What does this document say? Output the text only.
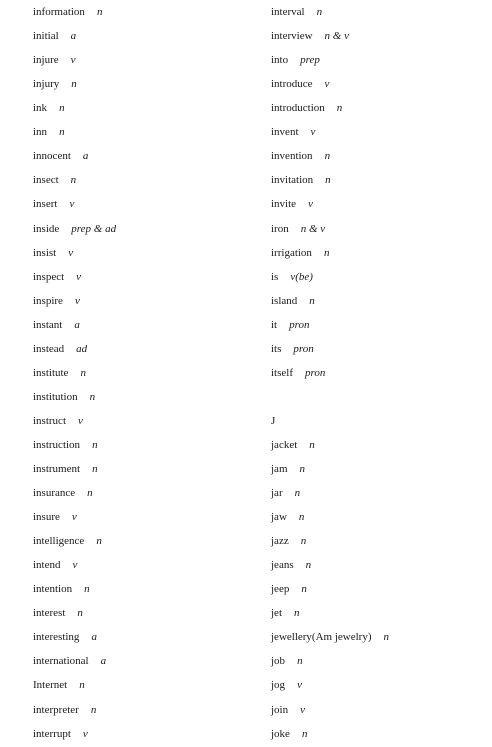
information n
initial a
injure v
injury n
ink n
inn n
innocent a
insect n
insert v
inside prep & ad
insist v
inspect v
inspire v
instant a
instead ad
institute n
institution n
instruct v
instruction n
instrument n
insurance n
insure v
intelligence n
intend v
intention n
interest n
interesting a
international a
Internet n
interpreter n
interrupt v
J
interval n
interview n & v
into prep
introduce v
introduction n
invent v
invention n
invitation n
invite v
iron n & v
irrigation n
is v(be)
island n
it pron
its pron
itself pron
jacket n
jam n
jar n
jaw n
jazz n
jeans n
jeep n
jet n
jewellery(Am jewelry) n
job n
jog v
join v
joke n
